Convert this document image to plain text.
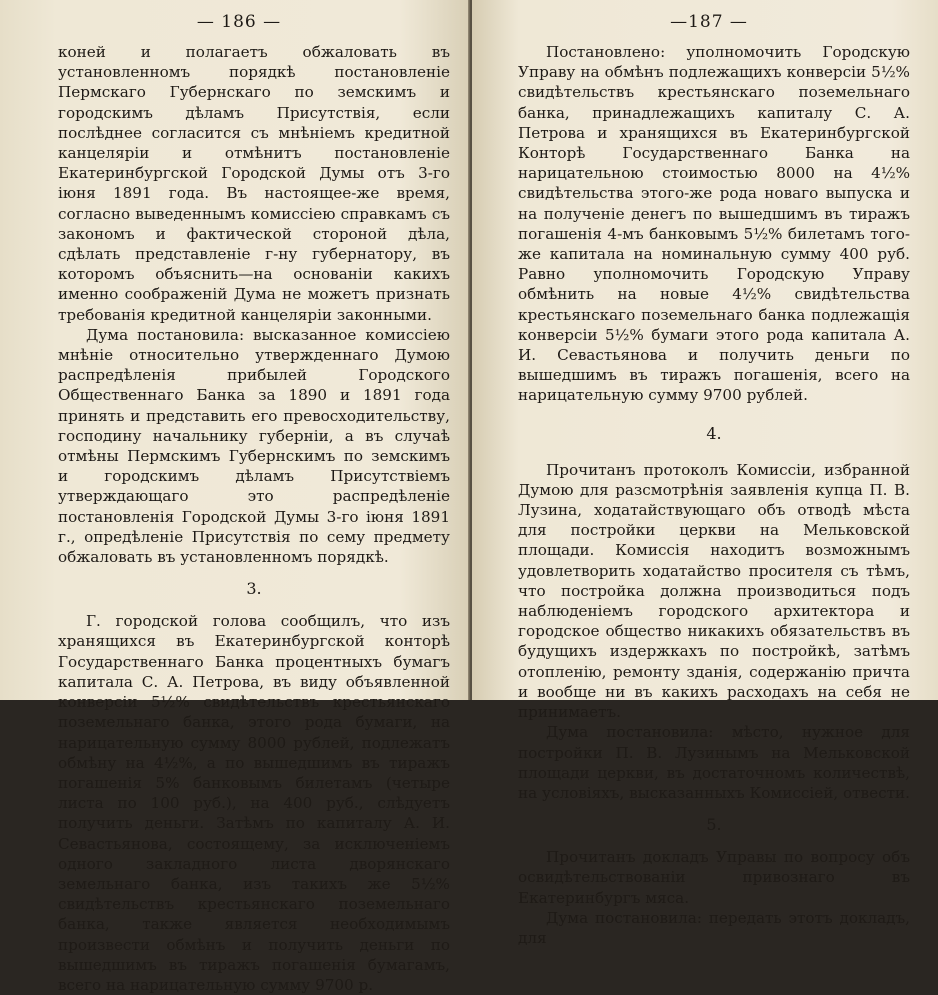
— 186 —

коней и полагаетъ обжаловать въ установленномъ порядкѣ постановленіе Пермскаго Губернскаго по земскимъ и городскимъ дѣламъ Присутствія, если послѣднее согласится съ мнѣніемъ кредитной канцеляріи и отмѣнитъ постановленіе Екатеринбургской Городской Думы отъ 3-го іюня 1891 года. Въ настоящее-же время, согласно выведеннымъ комиссіею справкамъ съ закономъ и фактической стороной дѣла, сдѣлать представленіе г-ну губернатору, въ которомъ объяснить—на основаніи какихъ именно соображеній Дума не можетъ признать требованія кредитной канцеляріи законными.

Дума постановила: высказанное комиссіею мнѣніе относительно утвержденнаго Думою распредѣленія прибылей Городского Общественнаго Банка за 1890 и 1891 года принять и представить его превосходительству, господину начальнику губерніи, а въ случаѣ отмѣны Пермскимъ Губернскимъ по земскимъ и городскимъ дѣламъ Присутствіемъ утверждающаго это распредѣленіе постановленія Городской Думы 3-го іюня 1891 г., опредѣленіе Присутствія по сему предмету обжаловать въ установленномъ порядкѣ.

3.

Г. городской голова сообщилъ, что изъ хранящихся въ Екатеринбургской конторѣ Государственнаго Банка процентныхъ бумагъ капитала С. А. Петрова, въ виду объявленной конверсіи 5½% свидѣтельствъ крестьянскаго поземельнаго банка, этого рода бумаги, на нарицательную сумму 8000 рублей, подлежатъ обмѣну на 4½%, а по вышедшимъ въ тиражъ погашенія 5% банковымъ билетамъ (четыре листа по 100 руб.), на 400 руб., слѣдуетъ получить деньги. Затѣмъ по капиталу А. И. Севастьянова, состоящему, за исключеніемъ одного закладного листа дворянскаго земельнаго банка, изъ такихъ же 5½% свидѣтельствъ крестьянскаго поземельнаго банка, также является необходимымъ произвести обмѣнъ и получить деньги по вышедшимъ въ тиражъ погашенія бумагамъ, всего на нарицательную сумму 9700 р.

—187 —

Постановлено: уполномочить Городскую Управу на обмѣнъ подлежащихъ конверсіи 5½% свидѣтельствъ крестьянскаго поземельнаго банка, принадлежащихъ капиталу С. А. Петрова и хранящихся въ Екатеринбургской Конторѣ Государственнаго Банка на нарицательною стоимостью 8000 на 4½% свидѣтельства этого-же рода новаго выпуска и на полученіе денегъ по вышедшимъ въ тиражъ погашенія 4-мъ банковымъ 5½% билетамъ того-же капитала на номинальную сумму 400 руб. Равно уполномочить Городскую Управу обмѣнить на новые 4½% свидѣтельства крестьянскаго поземельнаго банка подлежащія конверсіи 5½% бумаги этого рода капитала А. И. Севастьянова и получить деньги по вышедшимъ въ тиражъ погашенія, всего на нарицательную сумму 9700 рублей.

4.

Прочитанъ протоколъ Комиссіи, избранной Думою для разсмотрѣнія заявленія купца П. В. Лузина, ходатайствующаго объ отводѣ мѣста для постройки церкви на Мельковской площади. Комиссія находитъ возможнымъ удовлетворить ходатайство просителя съ тѣмъ, что постройка должна производиться подъ наблюденіемъ городского архитектора и городское общество никакихъ обязательствъ въ будущихъ издержкахъ по постройкѣ, затѣмъ отопленію, ремонту зданія, содержанію причта и вообще ни въ какихъ расходахъ на себя не принимаетъ.

Дума постановила: мѣсто, нужное для постройки П. В. Лузинымъ на Мельковской площади церкви, въ достаточномъ количествѣ, на условіяхъ, высказанныхъ Комиссіей, отвести.

5.

Прочитанъ докладъ Управы по вопросу объ освидѣтельствованіи привознаго въ Екатеринбургъ мяса.

Дума постановила: передать этотъ докладъ, для
